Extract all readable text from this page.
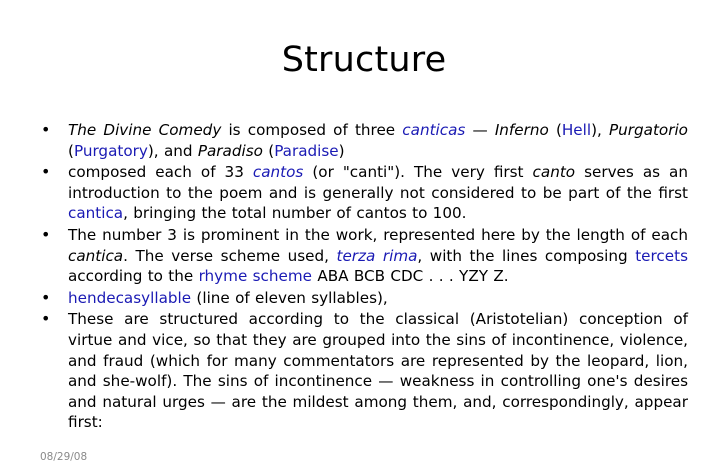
Structure
•
The Divine Comedy is composed of three canticas — Inferno (Hell), Purgatorio (Purgatory), and Paradiso (Paradise)
•
composed each of 33 cantos (or "canti"). The very first canto serves as an introduction to the poem and is generally not considered to be part of the first cantica, bringing the total number of cantos to 100.
•
The number 3 is prominent in the work, represented here by the length of each cantica. The verse scheme used, terza rima, with the lines composing tercets according to the rhyme scheme ABA BCB CDC . . . YZY Z.
•
hendecasyllable (line of eleven syllables),
•
These are structured according to the classical (Aristotelian) conception of virtue and vice, so that they are grouped into the sins of incontinence, violence, and fraud (which for many commentators are represented by the leopard, lion, and she-wolf). The sins of incontinence — weakness in controlling one's desires and natural urges — are the mildest among them, and, correspondingly, appear first:
08/29/08
